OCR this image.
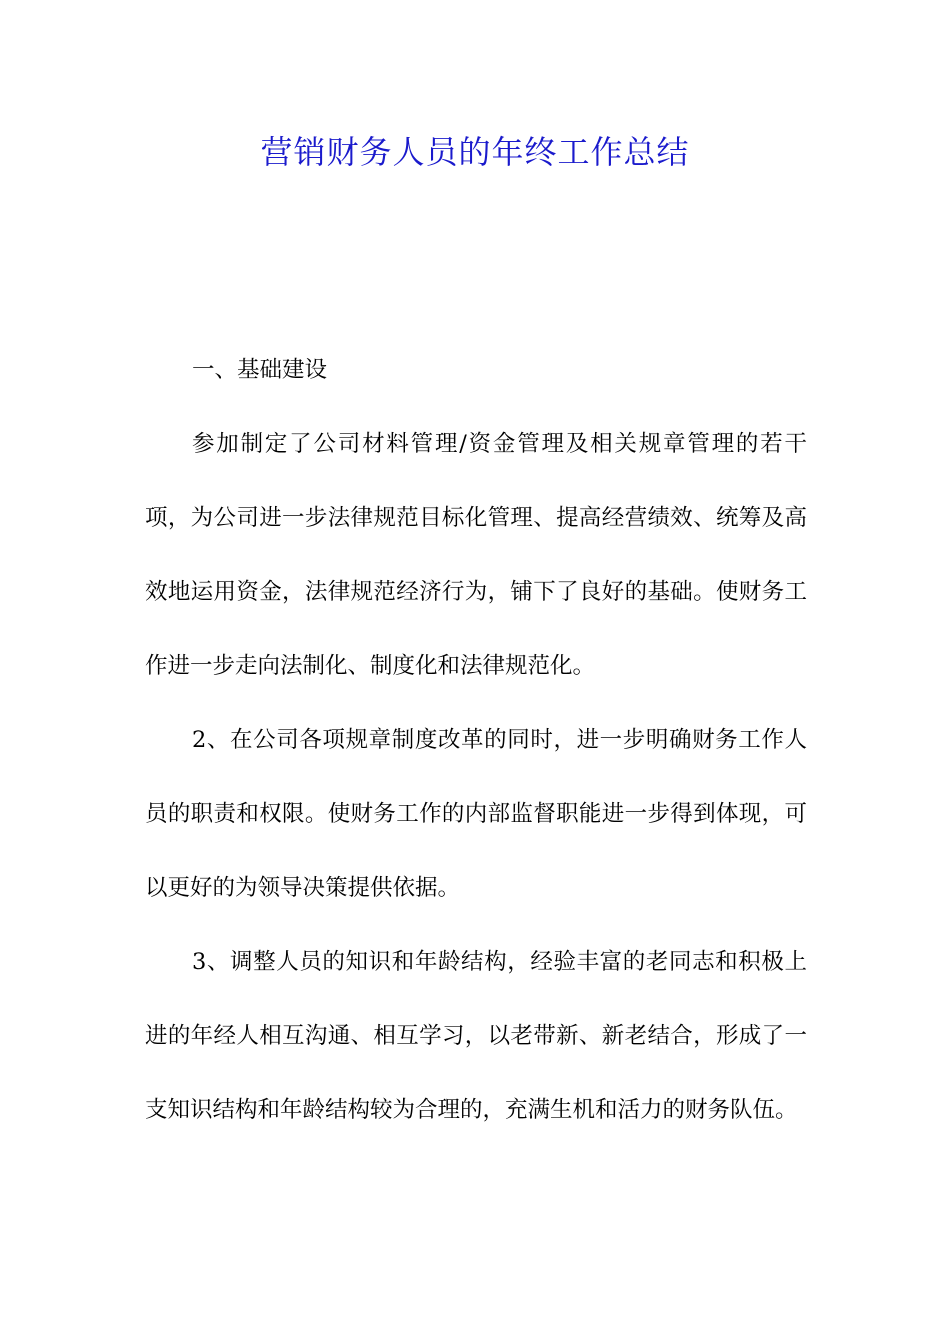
营销财务人员的年终工作总结

一、基础建设

参加制定了公司材料管理/资金管理及相关规章管理的若干项，为公司进一步法律规范目标化管理、提高经营绩效、统筹及高效地运用资金，法律规范经济行为，铺下了良好的基础。使财务工作进一步走向法制化、制度化和法律规范化。

2、在公司各项规章制度改革的同时，进一步明确财务工作人员的职责和权限。使财务工作的内部监督职能进一步得到体现，可以更好的为领导决策提供依据。

3、调整人员的知识和年龄结构，经验丰富的老同志和积极上进的年经人相互沟通、相互学习，以老带新、新老结合，形成了一支知识结构和年龄结构较为合理的，充满生机和活力的财务队伍。
